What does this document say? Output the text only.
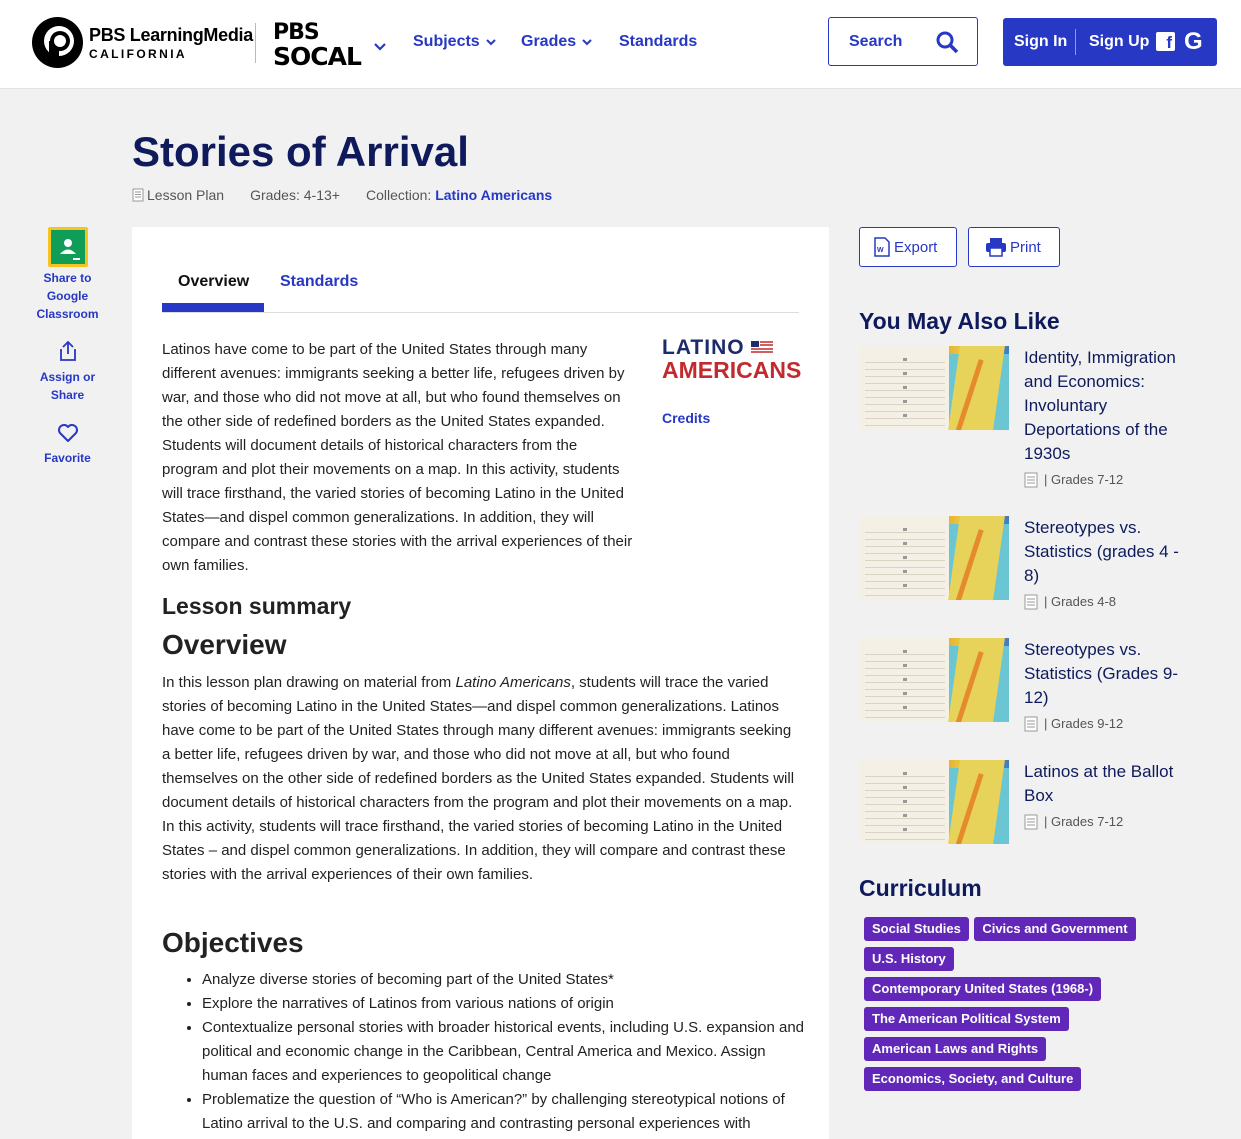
PBS LearningMedia
CALIFORNIA
PBS
SOCAL
Subjects	Grades	Standards	Search	Sign In Sign Up f G
Stories of Arrival
Lesson Plan Grades: 4-13+ Collection:
Latino Americans
Share to Google Classroom
Assign or Share
Favorite
Overview Standards

Latinos have come to be part of the United States through many different avenues: immigrants seeking a better life, refugees driven by war, and those who did not move at all, but who found themselves on the other side of redefined borders as the United States expanded. Students will document details of historical characters from the program and plot their movements on a map. In this activity, students will trace firsthand, the varied stories of becoming Latino in the United States—and dispel common generalizations. In addition, they will compare and contrast these stories with the arrival experiences of their own families.

LATINO
AMERICANS
Credits
Lesson summary
Overview

In this lesson plan drawing on material from Latino Americans, students will trace the varied stories of becoming Latino in the United States—and dispel common generalizations. Latinos have come to be part of the United States through many different avenues: immigrants seeking a better life, refugees driven by war, and those who did not move at all, but who found themselves on the other side of redefined borders as the United States expanded. Students will document details of historical characters from the program and plot their movements on a map. In this activity, students will trace firsthand, the varied stories of becoming Latino in the United States – and dispel common generalizations. In addition, they will compare and contrast these stories with the arrival experiences of their own families.

Objectives
• Analyze diverse stories of becoming part of the United States*
• Explore the narratives of Latinos from various nations of origin
• Contextualize personal stories with broader historical events, including U.S. expansion and political and economic change in the Caribbean, Central America and Mexico. Assign human faces and experiences to geopolitical change
• Problematize the question of “Who is American?” by challenging stereotypical notions of Latino arrival to the U.S. and comparing and contrasting personal experiences with
W Export	Print
You May Also Like
Identity, Immigration and Economics: Involuntary Deportations of the 1930s
| Grades 7-12
Stereotypes vs. Statistics (grades 4 - 8)
| Grades 4-8
Stereotypes vs. Statistics (Grades 9-12)
| Grades 9-12
Latinos at the Ballot Box
| Grades 7-12
Curriculum
Social Studies Civics and Government
U.S. History
Contemporary United States (1968-)
The American Political System
American Laws and Rights
Economics, Society, and Culture
